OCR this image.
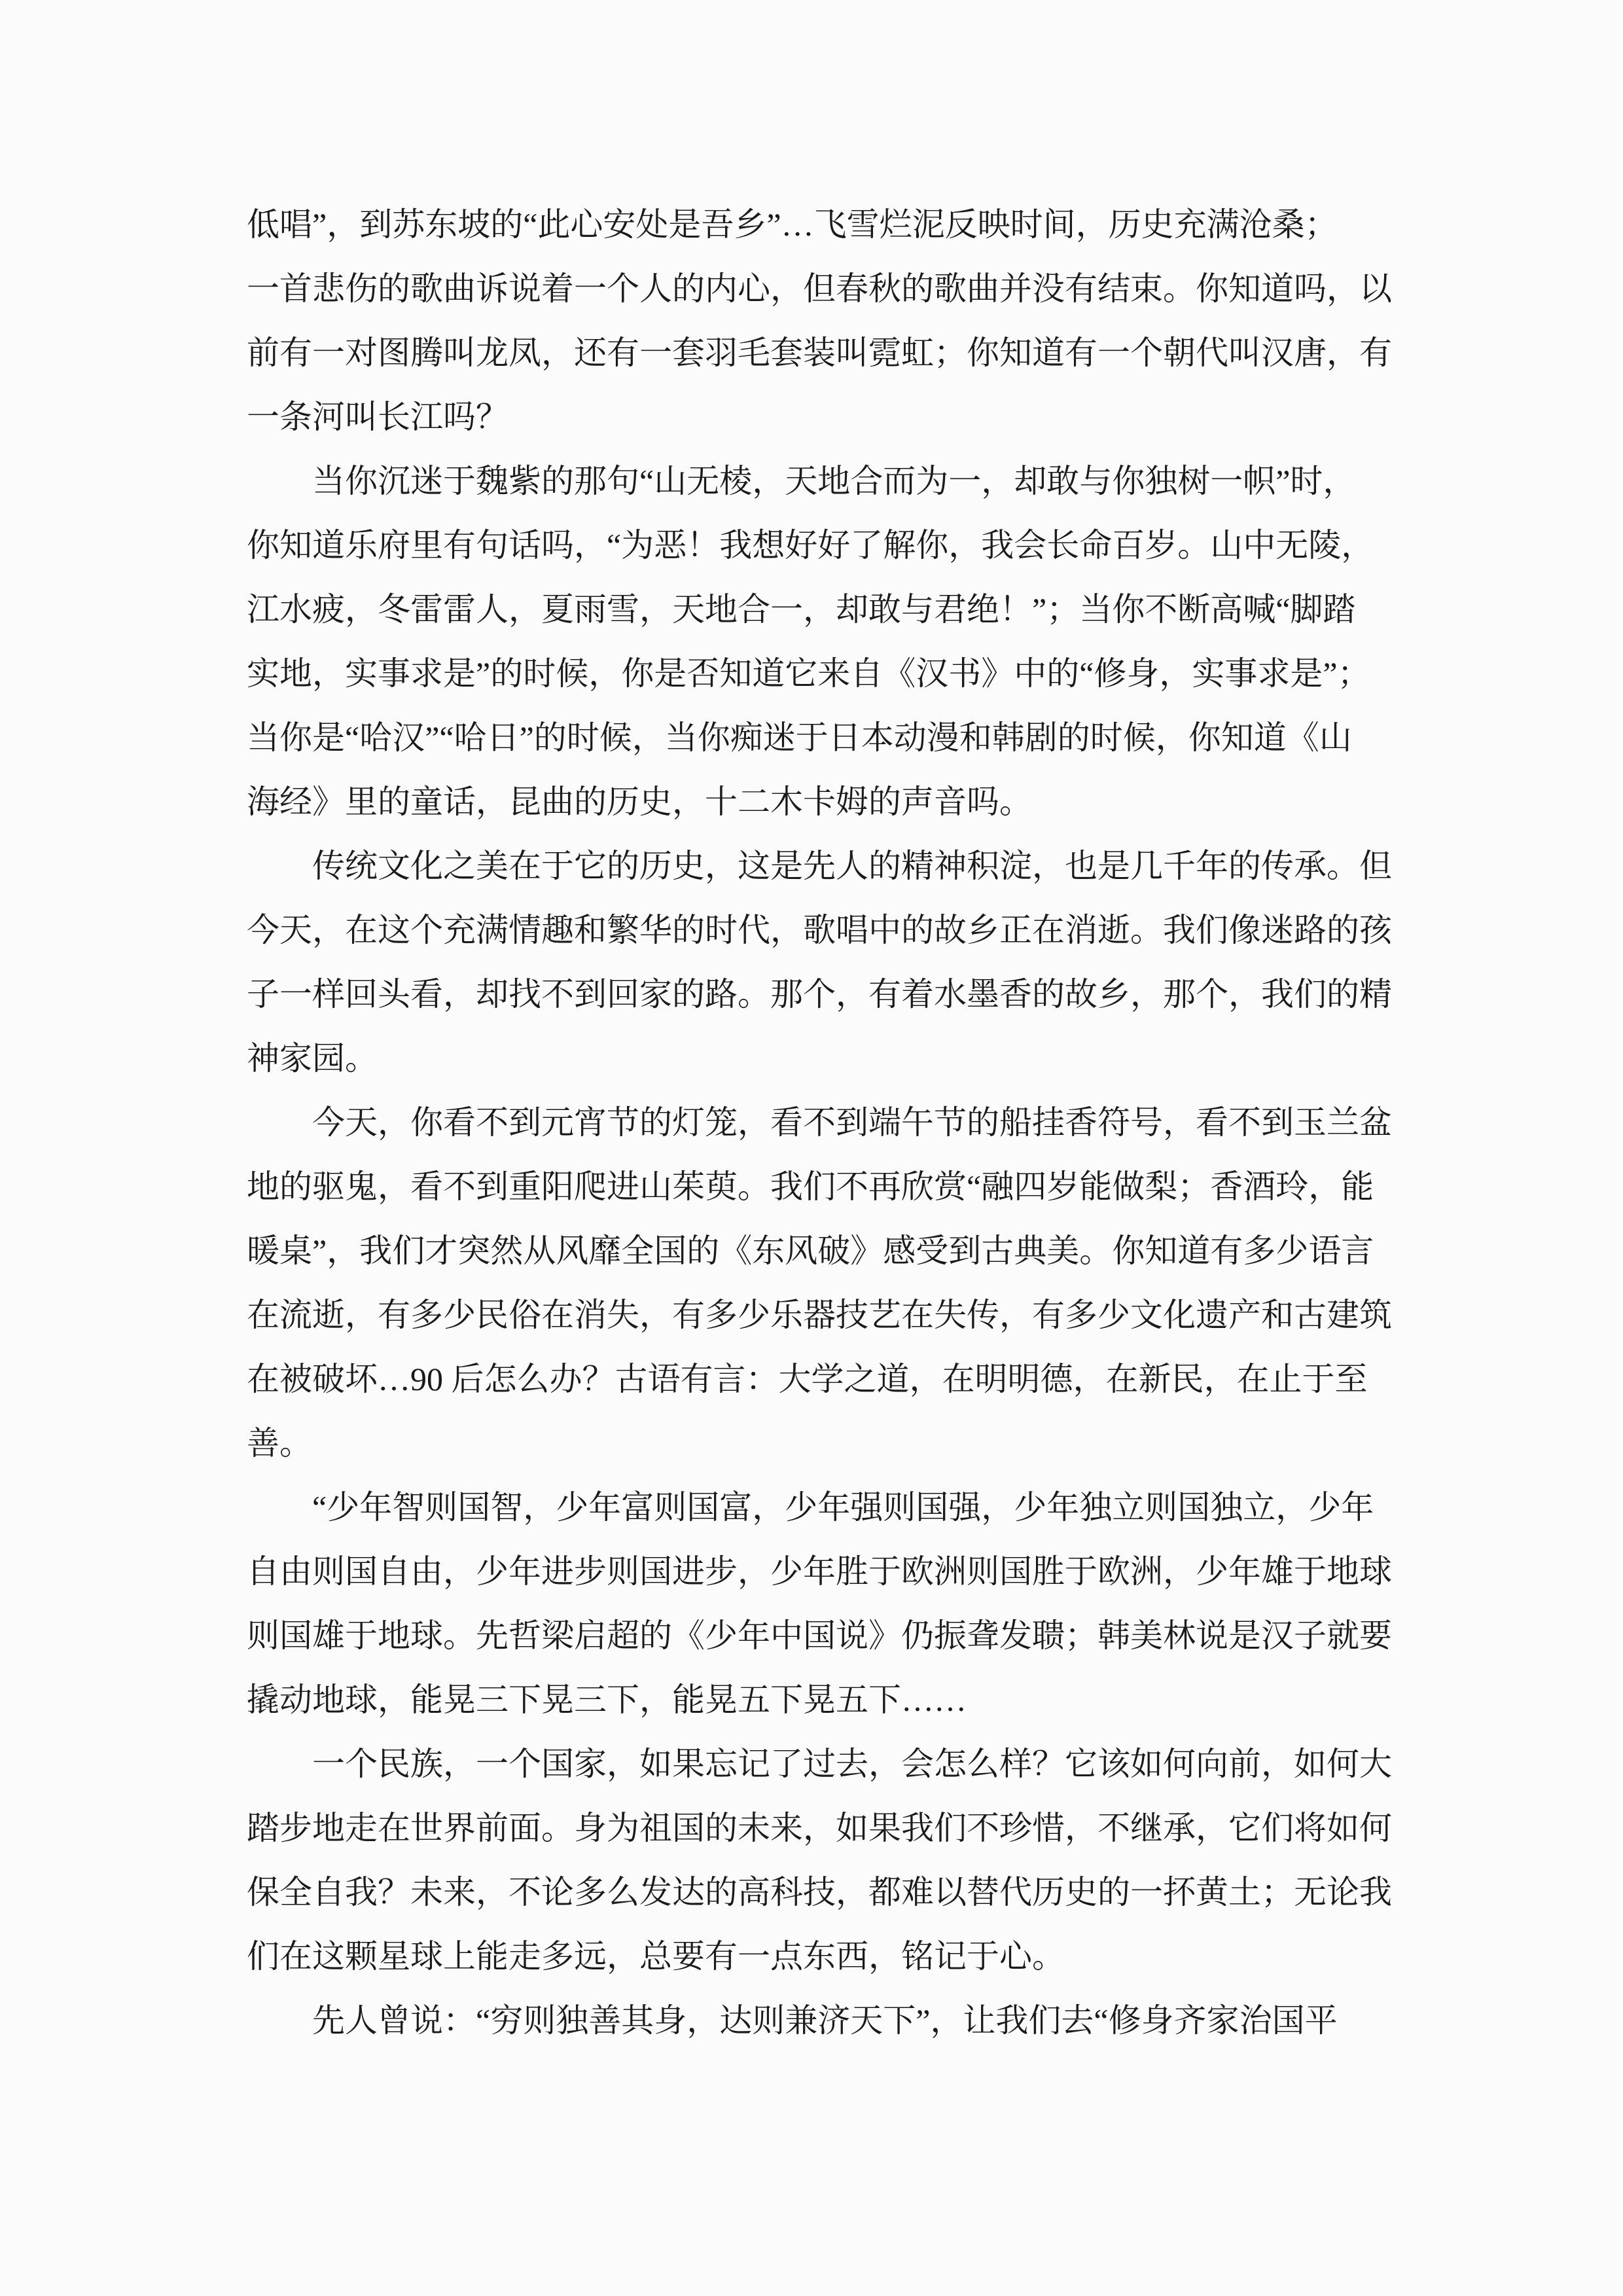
低唱”，到苏东坡的“此心安处是吾乡”…飞雪烂泥反映时间，历史充满沧桑；
一首悲伤的歌曲诉说着一个人的内心，但春秋的歌曲并没有结束。你知道吗，以
前有一对图腾叫龙凤，还有一套羽毛套装叫霓虹；你知道有一个朝代叫汉唐，有
一条河叫长江吗？
当你沉迷于魏紫的那句“山无棱，天地合而为一，却敢与你独树一帜”时，
你知道乐府里有句话吗，“为恶！我想好好了解你，我会长命百岁。山中无陵，
江水疲，冬雷雷人，夏雨雪，天地合一，却敢与君绝！”；当你不断高喊“脚踏
实地，实事求是”的时候，你是否知道它来自《汉书》中的“修身，实事求是”；
当你是“哈汉”“哈日”的时候，当你痴迷于日本动漫和韩剧的时候，你知道《山
海经》里的童话，昆曲的历史，十二木卡姆的声音吗。
传统文化之美在于它的历史，这是先人的精神积淀，也是几千年的传承。但
今天，在这个充满情趣和繁华的时代，歌唱中的故乡正在消逝。我们像迷路的孩
子一样回头看，却找不到回家的路。那个，有着水墨香的故乡，那个，我们的精
神家园。
今天，你看不到元宵节的灯笼，看不到端午节的船挂香符号，看不到玉兰盆
地的驱鬼，看不到重阳爬进山茱萸。我们不再欣赏“融四岁能做梨；香酒玲，能
暖桌”，我们才突然从风靡全国的《东风破》感受到古典美。你知道有多少语言
在流逝，有多少民俗在消失，有多少乐器技艺在失传，有多少文化遗产和古建筑
在被破坏…90 后怎么办？古语有言：大学之道，在明明德，在新民，在止于至
善。
“少年智则国智，少年富则国富，少年强则国强，少年独立则国独立，少年
自由则国自由，少年进步则国进步，少年胜于欧洲则国胜于欧洲，少年雄于地球
则国雄于地球。先哲梁启超的《少年中国说》仍振聋发聩；韩美林说是汉子就要
撬动地球，能晃三下晃三下，能晃五下晃五下……
一个民族，一个国家，如果忘记了过去，会怎么样？它该如何向前，如何大
踏步地走在世界前面。身为祖国的未来，如果我们不珍惜，不继承，它们将如何
保全自我？未来，不论多么发达的高科技，都难以替代历史的一抔黄土；无论我
们在这颗星球上能走多远，总要有一点东西，铭记于心。
先人曾说：“穷则独善其身，达则兼济天下”，让我们去“修身齐家治国平
